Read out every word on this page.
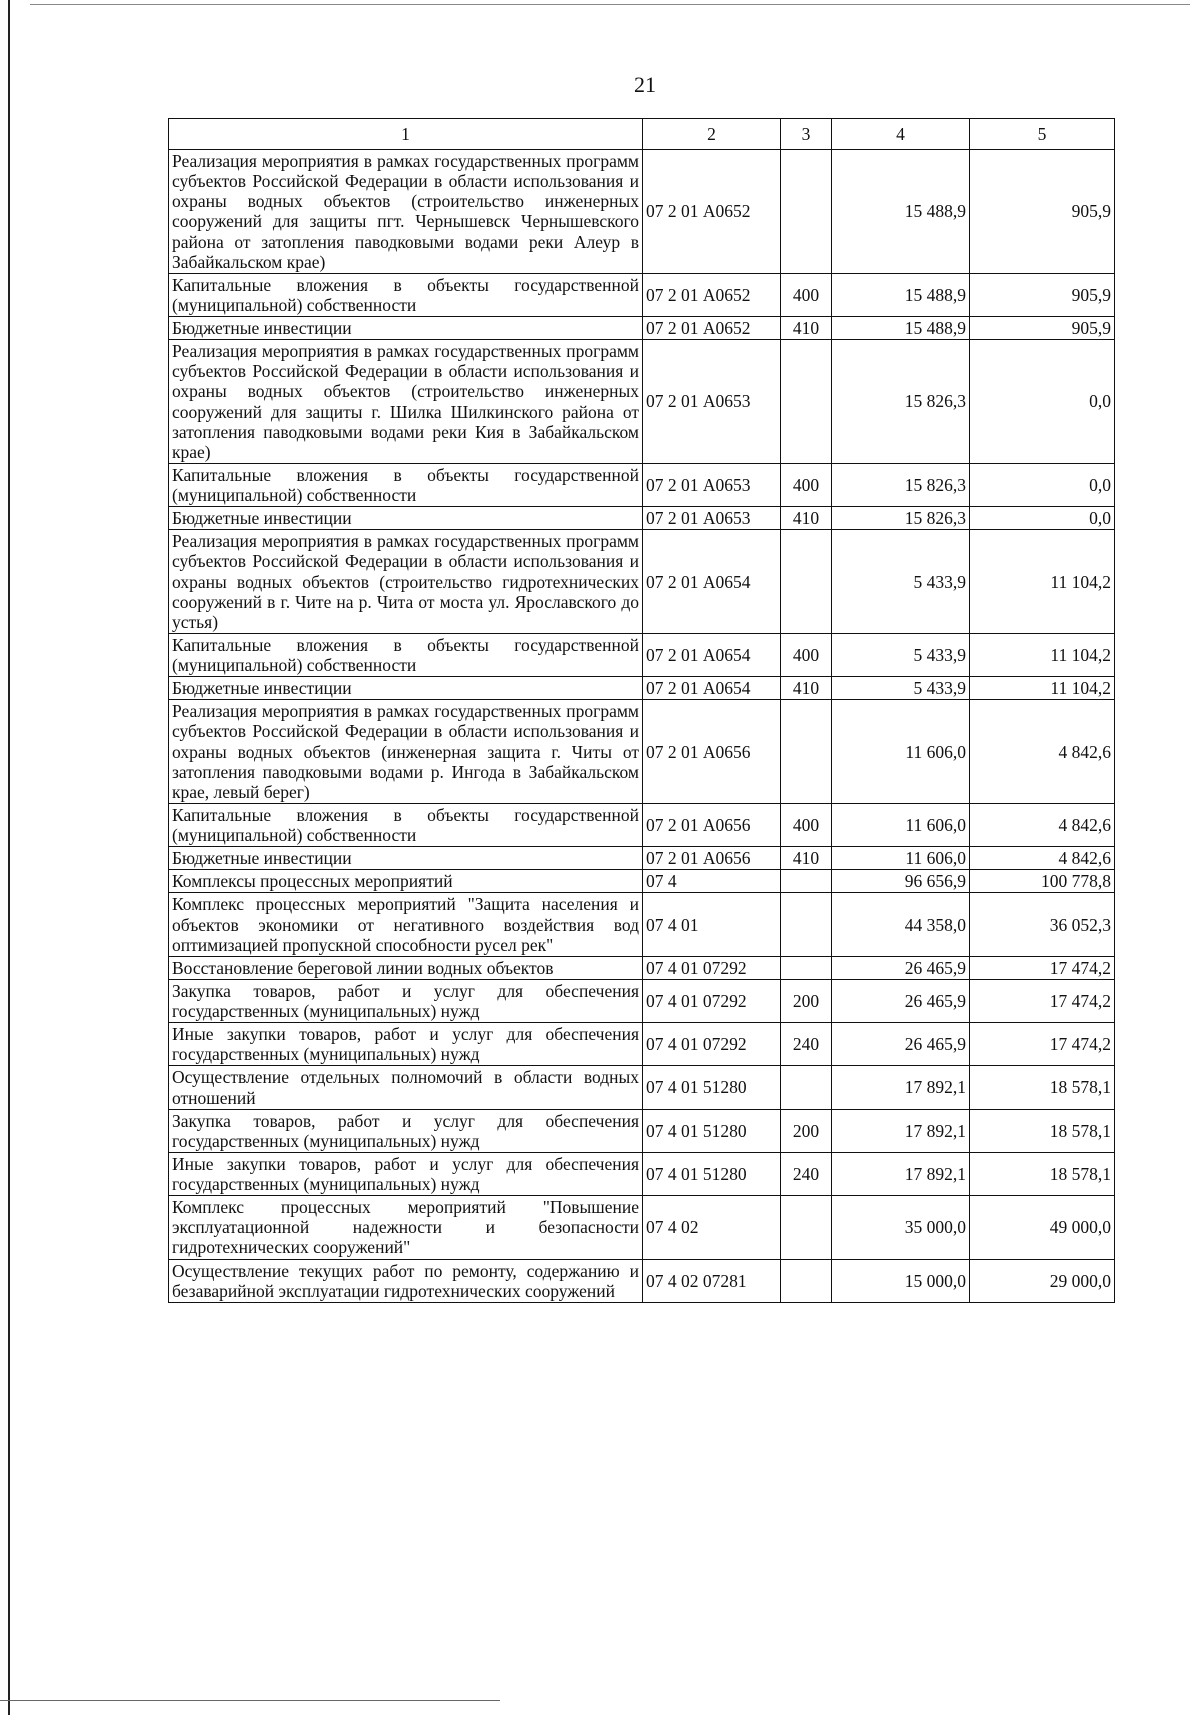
21
1	2	3	4	5
Реализация мероприятия в рамках государственных программ субъектов Российской Федерации в области использования и охраны водных объектов (строительство инженерных сооружений для защиты пгт. Чернышевск Чернышевского района от затопления паводковыми водами реки Алеур в Забайкальском крае)	07 2 01 А0652		15 488,9	905,9
Капитальные вложения в объекты государственной (муниципальной) собственности	07 2 01 А0652	400	15 488,9	905,9
Бюджетные инвестиции	07 2 01 А0652	410	15 488,9	905,9
Реализация мероприятия в рамках государственных программ субъектов Российской Федерации в области использования и охраны водных объектов (строительство инженерных сооружений для защиты г. Шилка Шилкинского района от затопления паводковыми водами реки Кия в Забайкальском крае)	07 2 01 А0653		15 826,3	0,0
Капитальные вложения в объекты государственной (муниципальной) собственности	07 2 01 А0653	400	15 826,3	0,0
Бюджетные инвестиции	07 2 01 А0653	410	15 826,3	0,0
Реализация мероприятия в рамках государственных программ субъектов Российской Федерации в области использования и охраны водных объектов (строительство гидротехнических сооружений в г. Чите на р. Чита от моста ул. Ярославского до устья)	07 2 01 А0654		5 433,9	11 104,2
Капитальные вложения в объекты государственной (муниципальной) собственности	07 2 01 А0654	400	5 433,9	11 104,2
Бюджетные инвестиции	07 2 01 А0654	410	5 433,9	11 104,2
Реализация мероприятия в рамках государственных программ субъектов Российской Федерации в области использования и охраны водных объектов (инженерная защита г. Читы от затопления паводковыми водами р. Ингода в Забайкальском крае, левый берег)	07 2 01 А0656		11 606,0	4 842,6
Капитальные вложения в объекты государственной (муниципальной) собственности	07 2 01 А0656	400	11 606,0	4 842,6
Бюджетные инвестиции	07 2 01 А0656	410	11 606,0	4 842,6
Комплексы процессных мероприятий	07 4		96 656,9	100 778,8
Комплекс процессных мероприятий "Защита населения и объектов экономики от негативного воздействия вод оптимизацией пропускной способности русел рек"	07 4 01		44 358,0	36 052,3
Восстановление береговой линии водных объектов	07 4 01 07292		26 465,9	17 474,2
Закупка товаров, работ и услуг для обеспечения государственных (муниципальных) нужд	07 4 01 07292	200	26 465,9	17 474,2
Иные закупки товаров, работ и услуг для обеспечения государственных (муниципальных) нужд	07 4 01 07292	240	26 465,9	17 474,2
Осуществление отдельных полномочий в области водных отношений	07 4 01 51280		17 892,1	18 578,1
Закупка товаров, работ и услуг для обеспечения государственных (муниципальных) нужд	07 4 01 51280	200	17 892,1	18 578,1
Иные закупки товаров, работ и услуг для обеспечения государственных (муниципальных) нужд	07 4 01 51280	240	17 892,1	18 578,1
Комплекс процессных мероприятий "Повышение эксплуатационной надежности и безопасности гидротехнических сооружений"	07 4 02		35 000,0	49 000,0
Осуществление текущих работ по ремонту, содержанию и безаварийной эксплуатации гидротехнических сооружений	07 4 02 07281		15 000,0	29 000,0
